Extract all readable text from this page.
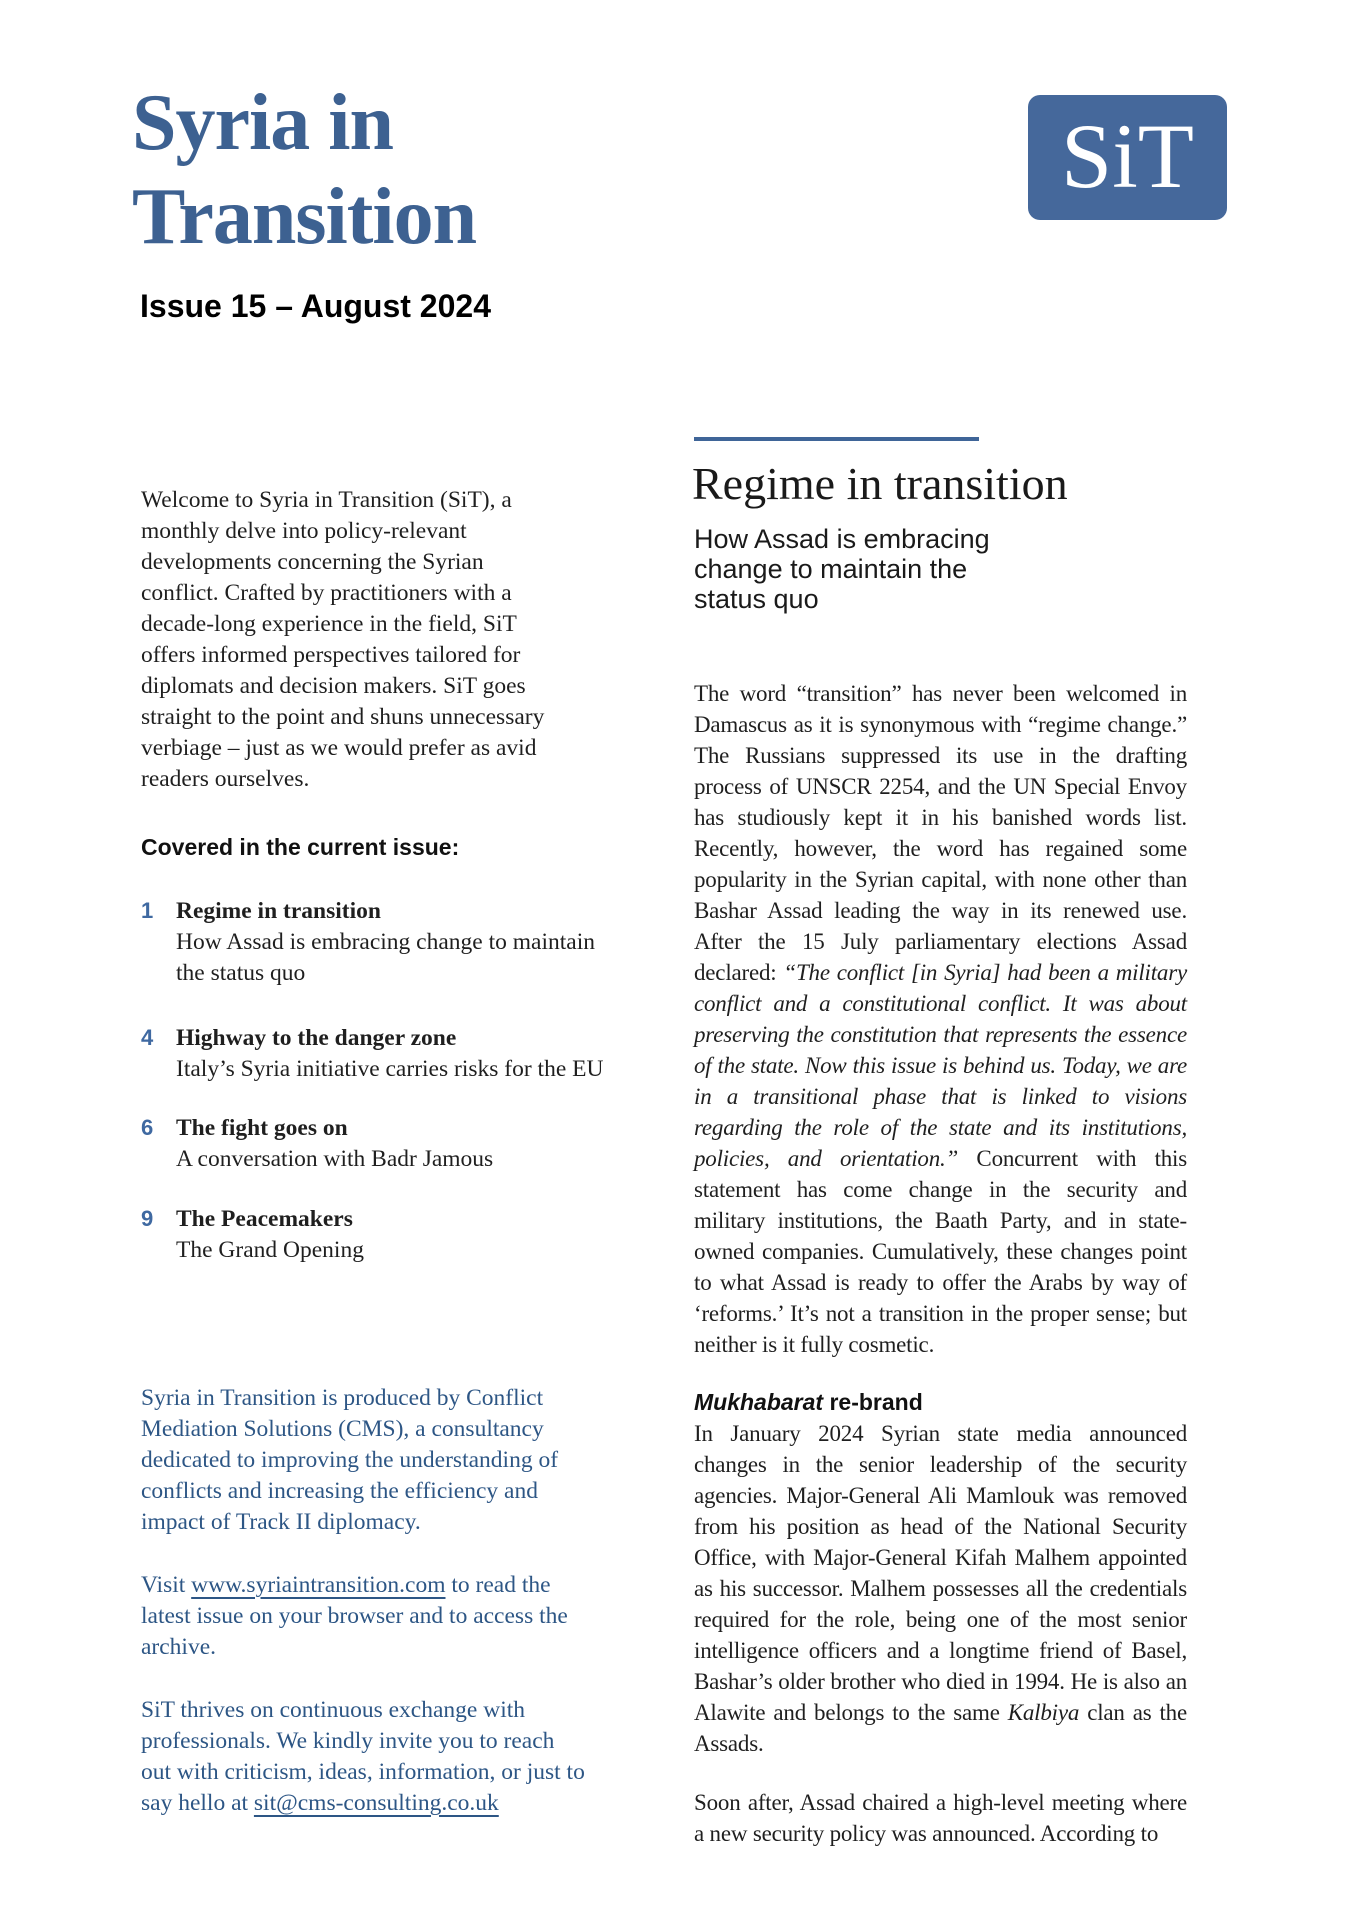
Syria in
Transition
SiT
Issue 15 – August 2024

Welcome to Syria in Transition (SiT), a monthly delve into policy-relevant developments concerning the Syrian conflict. Crafted by practitioners with a decade-long experience in the field, SiT offers informed perspectives tailored for diplomats and decision makers. SiT goes straight to the point and shuns unnecessary verbiage – just as we would prefer as avid readers ourselves.

Covered in the current issue:
1 Regime in transition
How Assad is embracing change to maintain the status quo
4 Highway to the danger zone
Italy’s Syria initiative carries risks for the EU
6 The fight goes on
A conversation with Badr Jamous
9 The Peacemakers
The Grand Opening

Syria in Transition is produced by Conflict Mediation Solutions (CMS), a consultancy dedicated to improving the understanding of conflicts and increasing the efficiency and impact of Track II diplomacy.

Visit www.syriaintransition.com to read the latest issue on your browser and to access the archive.

SiT thrives on continuous exchange with professionals. We kindly invite you to reach out with criticism, ideas, information, or just to say hello at sit@cms-consulting.co.uk

Regime in transition
How Assad is embracing change to maintain the status quo

The word “transition” has never been welcomed in Damascus as it is synonymous with “regime change.” The Russians suppressed its use in the drafting process of UNSCR 2254, and the UN Special Envoy has studiously kept it in his banished words list. Recently, however, the word has regained some popularity in the Syrian capital, with none other than Bashar Assad leading the way in its renewed use. After the 15 July parliamentary elections Assad declared: “The conflict [in Syria] had been a military conflict and a constitutional conflict. It was about preserving the constitution that represents the essence of the state. Now this issue is behind us. Today, we are in a transitional phase that is linked to visions regarding the role of the state and its institutions, policies, and orientation.” Concurrent with this statement has come change in the security and military institutions, the Baath Party, and in state-owned companies. Cumulatively, these changes point to what Assad is ready to offer the Arabs by way of ‘reforms.’ It’s not a transition in the proper sense; but neither is it fully cosmetic.

Mukhabarat re-brand

In January 2024 Syrian state media announced changes in the senior leadership of the security agencies. Major-General Ali Mamlouk was removed from his position as head of the National Security Office, with Major-General Kifah Malhem appointed as his successor. Malhem possesses all the credentials required for the role, being one of the most senior intelligence officers and a longtime friend of Basel, Bashar’s older brother who died in 1994. He is also an Alawite and belongs to the same Kalbiya clan as the Assads.

Soon after, Assad chaired a high-level meeting where a new security policy was announced. According to
